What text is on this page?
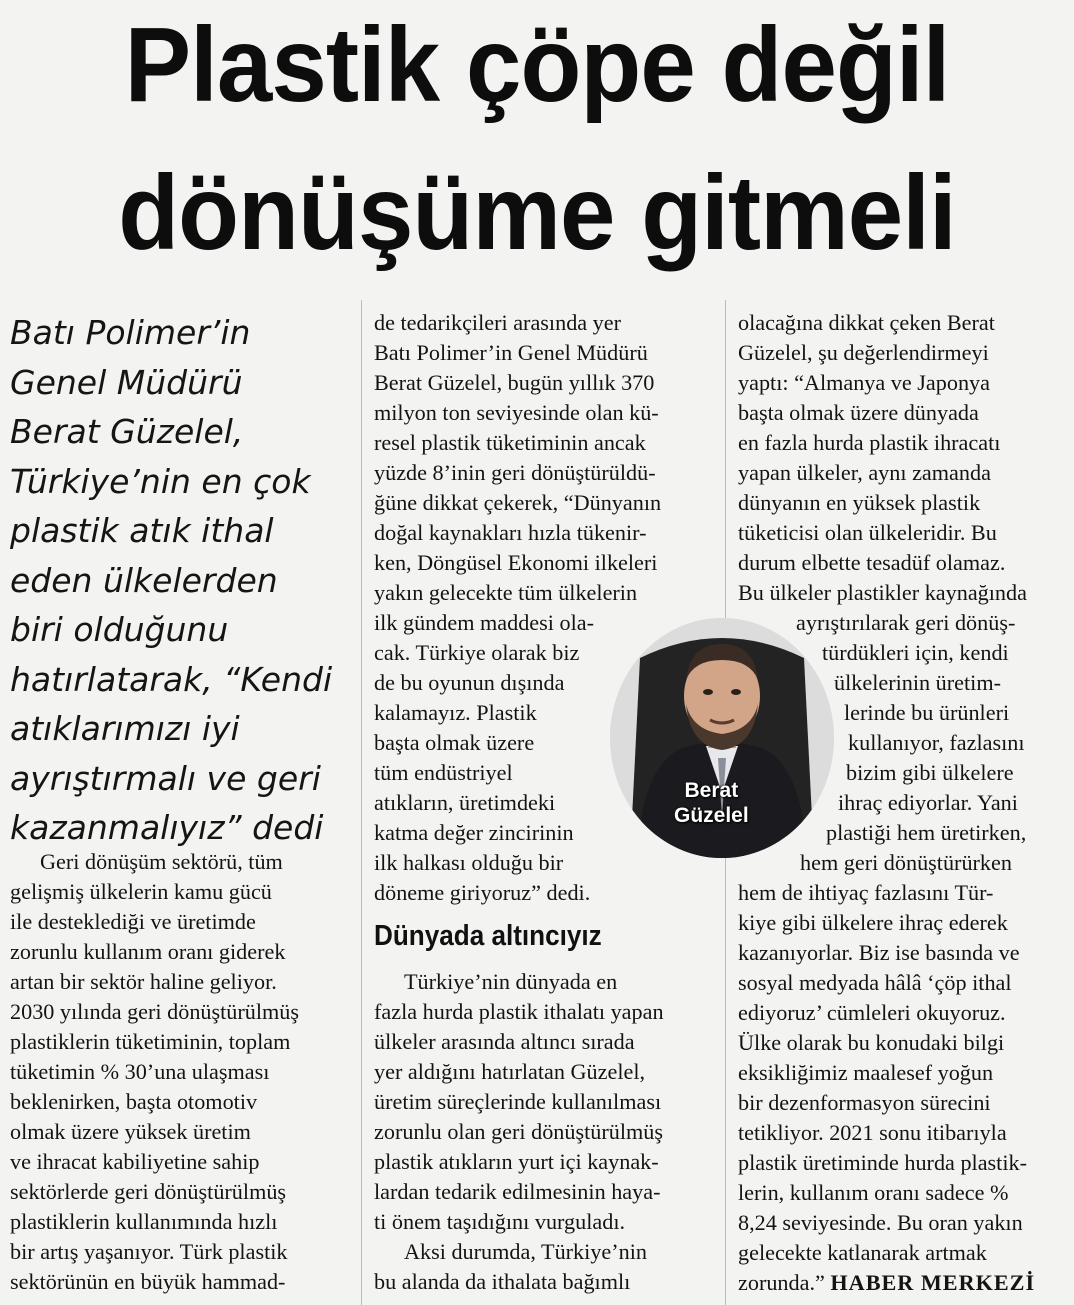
Plastik çöpe değil
dönüşüme gitmeli
Batı Polimer’in
Genel Müdürü
Berat Güzelel,
Türkiye’nin en çok
plastik atık ithal
eden ülkelerden
biri olduğunu
hatırlatarak, “Kendi
atıklarımızı iyi
ayrıştırmalı ve geri
kazanmalıyız” dedi
Geri dönüşüm sektörü, tüm
gelişmiş ülkelerin kamu gücü
ile desteklediği ve üretimde
zorunlu kullanım oranı giderek
artan bir sektör haline geliyor.
2030 yılında geri dönüştürülmüş
plastiklerin tüketiminin, toplam
tüketimin % 30’una ulaşması
beklenirken, başta otomotiv
olmak üzere yüksek üretim
ve ihracat kabiliyetine sahip
sektörlerde geri dönüştürülmüş
plastiklerin kullanımında hızlı
bir artış yaşanıyor. Türk plastik
sektörünün en büyük hammad-
de tedarikçileri arasında yer
Batı Polimer’in Genel Müdürü
Berat Güzelel, bugün yıllık 370
milyon ton seviyesinde olan kü-
resel plastik tüketiminin ancak
yüzde 8’inin geri dönüştürüldü-
ğüne dikkat çekerek, “Dünyanın
doğal kaynakları hızla tükenir-
ken, Döngüsel Ekonomi ilkeleri
yakın gelecekte tüm ülkelerin
ilk gündem maddesi ola-
cak. Türkiye olarak biz
de bu oyunun dışında
kalamayız. Plastik
başta olmak üzere
tüm endüstriyel
atıkların, üretimdeki
katma değer zincirinin
ilk halkası olduğu bir
döneme giriyoruz” dedi.
Dünyada altıncıyız
Türkiye’nin dünyada en
fazla hurda plastik ithalatı yapan
ülkeler arasında altıncı sırada
yer aldığını hatırlatan Güzelel,
üretim süreçlerinde kullanılması
zorunlu olan geri dönüştürülmüş
plastik atıkların yurt içi kaynak-
lardan tedarik edilmesinin haya-
ti önem taşıdığını vurguladı.
Aksi durumda, Türkiye’nin
bu alanda da ithalata bağımlı
olacağına dikkat çeken Berat
Güzelel, şu değerlendirmeyi
yaptı: “Almanya ve Japonya
başta olmak üzere dünyada
en fazla hurda plastik ihracatı
yapan ülkeler, aynı zamanda
dünyanın en yüksek plastik
tüketicisi olan ülkeleridir. Bu
durum elbette tesadüf olamaz.
Bu ülkeler plastikler kaynağında
ayrıştırılarak geri dönüş-
türdükleri için, kendi
ülkelerinin üretim-
lerinde bu ürünleri
kullanıyor, fazlasını
bizim gibi ülkelere
ihraç ediyorlar. Yani
plastiği hem üretirken,
hem geri dönüştürürken
hem de ihtiyaç fazlasını Tür-
kiye gibi ülkelere ihraç ederek
kazanıyorlar. Biz ise basında ve
sosyal medyada hâlâ ‘çöp ithal
ediyoruz’ cümleleri okuyoruz.
Ülke olarak bu konudaki bilgi
eksikliğimiz maalesef yoğun
bir dezenformasyon sürecini
tetikliyor. 2021 sonu itibarıyla
plastik üretiminde hurda plastik-
lerin, kullanım oranı sadece %
8,24 seviyesinde. Bu oran yakın
gelecekte katlanarak artmak
zorunda.” HABER MERKEZİ
Berat
Güzelel
